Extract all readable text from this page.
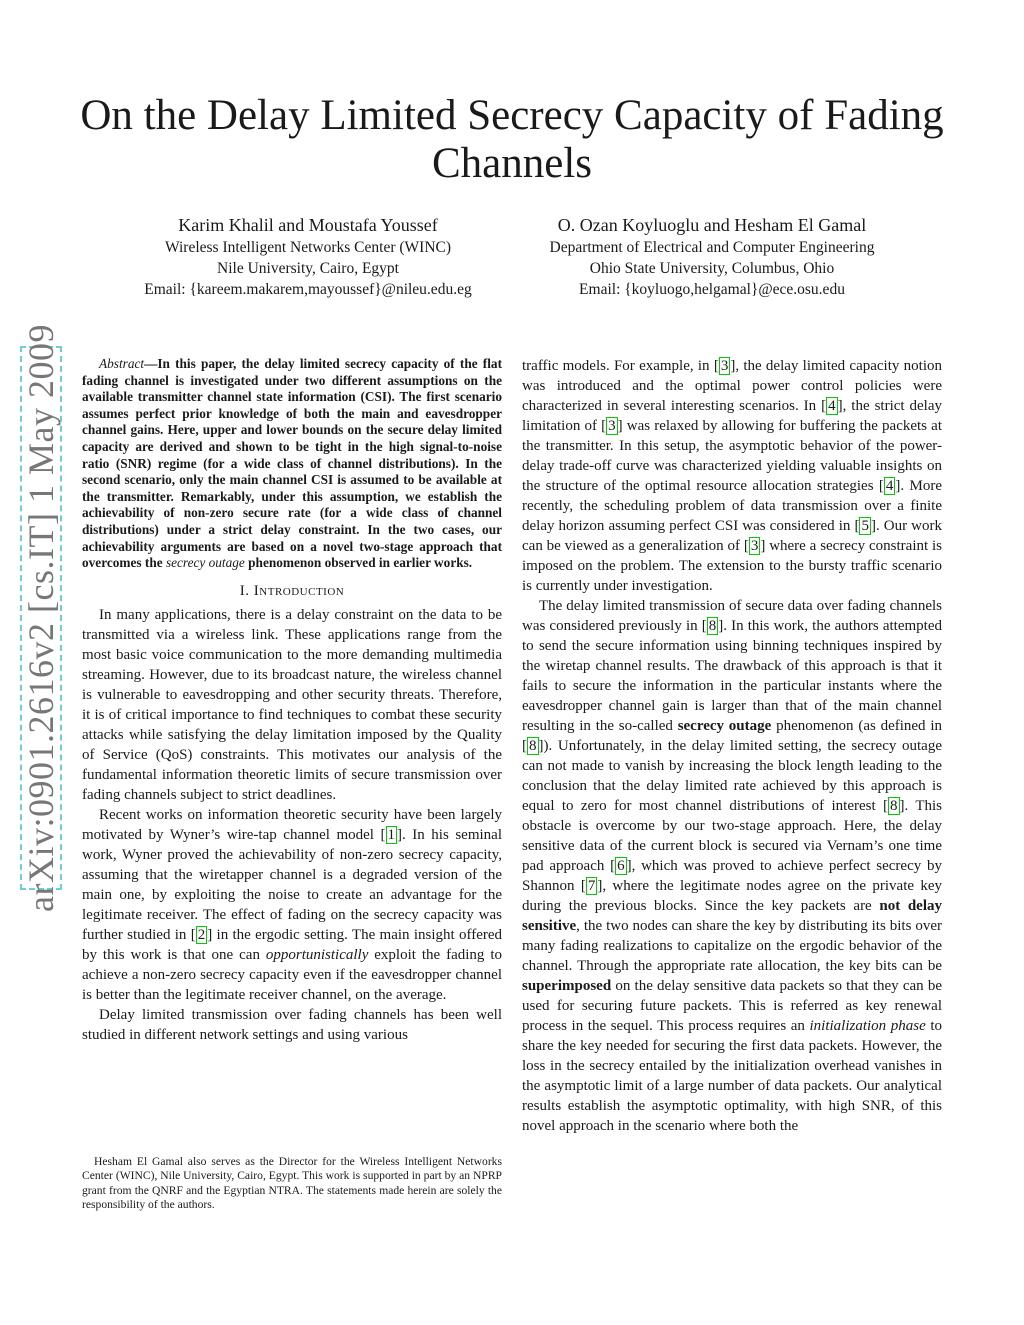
On the Delay Limited Secrecy Capacity of Fading Channels
Karim Khalil and Moustafa Youssef
Wireless Intelligent Networks Center (WINC)
Nile University, Cairo, Egypt
Email: {kareem.makarem,mayoussef}@nileu.edu.eg
O. Ozan Koyluoglu and Hesham El Gamal
Department of Electrical and Computer Engineering
Ohio State University, Columbus, Ohio
Email: {koyluogo,helgamal}@ece.osu.edu
arXiv:0901.2616v2 [cs.IT] 1 May 2009	Abstract—In this paper, the delay limited secrecy capacity of the flat fading channel is investigated under two different assumptions on the available transmitter channel state information (CSI). The first scenario assumes perfect prior knowledge of both the main and eavesdropper channel gains. Here, upper and lower bounds on the secure delay limited capacity are derived and shown to be tight in the high signal-to-noise ratio (SNR) regime (for a wide class of channel distributions). In the second scenario, only the main channel CSI is assumed to be available at the transmitter. Remarkably, under this assumption, we establish the achievability of non-zero secure rate (for a wide class of channel distributions) under a strict delay constraint. In the two cases, our achievability arguments are based on a novel two-stage approach that overcomes the secrecy outage phenomenon observed in earlier works.

I. Introduction

In many applications, there is a delay constraint on the data to be transmitted via a wireless link. These applications range from the most basic voice communication to the more demanding multimedia streaming. However, due to its broadcast nature, the wireless channel is vulnerable to eavesdropping and other security threats. Therefore, it is of critical importance to find techniques to combat these security attacks while satisfying the delay limitation imposed by the Quality of Service (QoS) constraints. This motivates our analysis of the fundamental information theoretic limits of secure transmission over fading channels subject to strict deadlines.

Recent works on information theoretic security have been largely motivated by Wyner’s wire-tap channel model [ 1 ]. In his seminal work, Wyner proved the achievability of non-zero secrecy capacity, assuming that the wiretapper channel is a degraded version of the main one, by exploiting the noise to create an advantage for the legitimate receiver. The effect of fading on the secrecy capacity was further studied in [ 2 ] in the ergodic setting. The main insight offered by this work is that one can opportunistically exploit the fading to achieve a non-zero secrecy capacity even if the eavesdropper channel is better than the legitimate receiver channel, on the average.

Delay limited transmission over fading channels has been well studied in different network settings and using various

Hesham El Gamal also serves as the Director for the Wireless Intelligent Networks Center (WINC), Nile University, Cairo, Egypt. This work is supported in part by an NPRP grant from the QNRF and the Egyptian NTRA. The statements made herein are solely the responsibility of the authors.

traffic models. For example, in [ 3 ], the delay limited capacity notion was introduced and the optimal power control policies were characterized in several interesting scenarios. In [ 4 ], the strict delay limitation of [ 3 ] was relaxed by allowing for buffering the packets at the transmitter. In this setup, the asymptotic behavior of the power-delay trade-off curve was characterized yielding valuable insights on the structure of the optimal resource allocation strategies [ 4 ]. More recently, the scheduling problem of data transmission over a finite delay horizon assuming perfect CSI was considered in [ 5 ]. Our work can be viewed as a generalization of [ 3 ] where a secrecy constraint is imposed on the problem. The extension to the bursty traffic scenario is currently under investigation.

The delay limited transmission of secure data over fading channels was considered previously in [ 8 ]. In this work, the authors attempted to send the secure information using binning techniques inspired by the wiretap channel results. The drawback of this approach is that it fails to secure the information in the particular instants where the eavesdropper channel gain is larger than that of the main channel resulting in the so-called secrecy outage phenomenon (as defined in [ 8 ]). Unfortunately, in the delay limited setting, the secrecy outage can not made to vanish by increasing the block length leading to the conclusion that the delay limited rate achieved by this approach is equal to zero for most channel distributions of interest [ 8 ]. This obstacle is overcome by our two-stage approach. Here, the delay sensitive data of the current block is secured via Vernam’s one time pad approach [ 6 ], which was proved to achieve perfect secrecy by Shannon [ 7 ], where the legitimate nodes agree on the private key during the previous blocks. Since the key packets are not delay sensitive, the two nodes can share the key by distributing its bits over many fading realizations to capitalize on the ergodic behavior of the channel. Through the appropriate rate allocation, the key bits can be superimposed on the delay sensitive data packets so that they can be used for securing future packets. This is referred as key renewal process in the sequel. This process requires an initialization phase to share the key needed for securing the first data packets. However, the loss in the secrecy entailed by the initialization overhead vanishes in the asymptotic limit of a large number of data packets. Our analytical results establish the asymptotic optimality, with high SNR, of this novel approach in the scenario where both the
